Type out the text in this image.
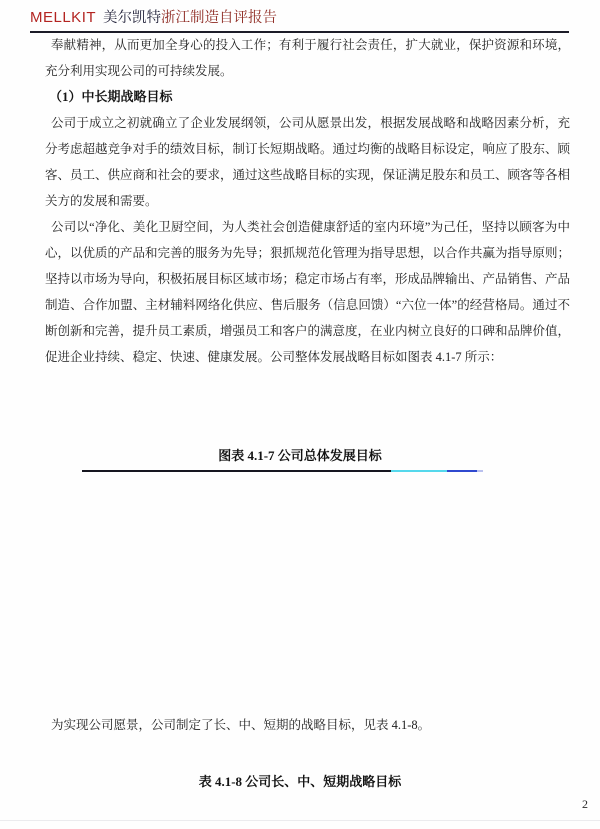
MELLKIT 美尔凯特浙江制造自评报告

奉献精神，从而更加全身心的投入工作；有利于履行社会责任，扩大就业，保护资源和环境，充分利用实现公司的可持续发展。

（1）中长期战略目标

公司于成立之初就确立了企业发展纲领，公司从愿景出发，根据发展战略和战略因素分析，充分考虑超越竞争对手的绩效目标，制订长短期战略。通过均衡的战略目标设定，响应了股东、顾客、员工、供应商和社会的要求，通过这些战略目标的实现，保证满足股东和员工、顾客等各相关方的发展和需要。

公司以“净化、美化卫厨空间，为人类社会创造健康舒适的室内环境”为己任，坚持以顾客为中心，以优质的产品和完善的服务为先导；狠抓规范化管理为指导思想，以合作共赢为指导原则；坚持以市场为导向，积极拓展目标区域市场；稳定市场占有率，形成品牌输出、产品销售、产品制造、合作加盟、主材辅料网络化供应、售后服务（信息回馈）“六位一体”的经营格局。通过不断创新和完善，提升员工素质，增强员工和客户的满意度，在业内树立良好的口碑和品牌价值，促进企业持续、稳定、快速、健康发展。公司整体发展战略目标如图表 4.1-7 所示：

图表 4.1-7 公司总体发展目标

为实现公司愿景，公司制定了长、中、短期的战略目标，见表 4.1-8。

表 4.1-8 公司长、中、短期战略目标

2
